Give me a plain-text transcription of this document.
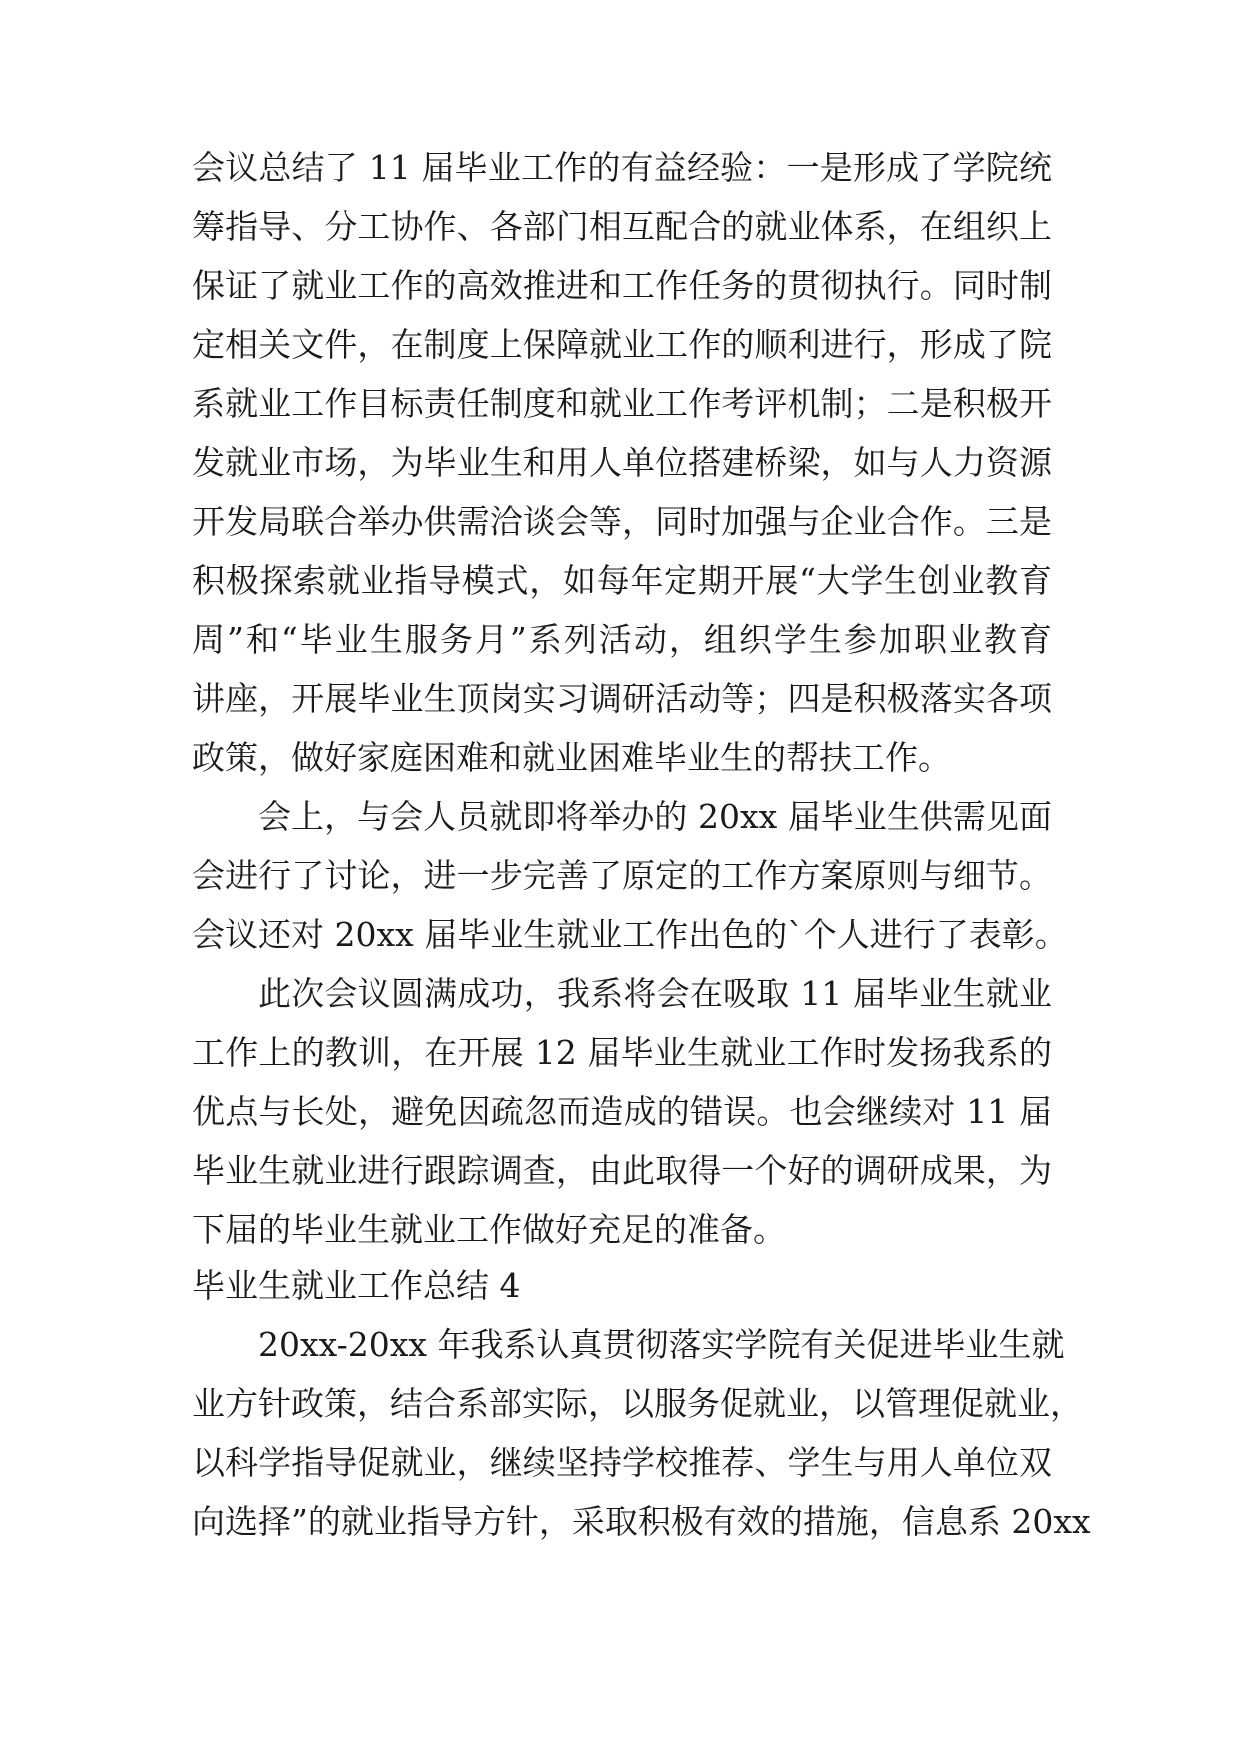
会议总结了 11 届毕业工作的有益经验：一是形成了学院统
筹指导、分工协作、各部门相互配合的就业体系，在组织上
保证了就业工作的高效推进和工作任务的贯彻执行。同时制
定相关文件，在制度上保障就业工作的顺利进行，形成了院
系就业工作目标责任制度和就业工作考评机制；二是积极开
发就业市场，为毕业生和用人单位搭建桥梁，如与人力资源
开发局联合举办供需洽谈会等，同时加强与企业合作。三是
积极探索就业指导模式，如每年定期开展“大学生创业教育
周”和“毕业生服务月”系列活动，组织学生参加职业教育
讲座，开展毕业生顶岗实习调研活动等；四是积极落实各项
政策，做好家庭困难和就业困难毕业生的帮扶工作。
会上，与会人员就即将举办的 20xx 届毕业生供需见面
会进行了讨论，进一步完善了原定的工作方案原则与细节。
会议还对 20xx 届毕业生就业工作出色的`个人进行了表彰。
此次会议圆满成功，我系将会在吸取 11 届毕业生就业
工作上的教训，在开展 12 届毕业生就业工作时发扬我系的
优点与长处，避免因疏忽而造成的错误。也会继续对 11 届
毕业生就业进行跟踪调查，由此取得一个好的调研成果，为
下届的毕业生就业工作做好充足的准备。
毕业生就业工作总结 4
20xx-20xx 年我系认真贯彻落实学院有关促进毕业生就
业方针政策，结合系部实际，以服务促就业，以管理促就业，
以科学指导促就业，继续坚持学校推荐、学生与用人单位双
向选择”的就业指导方针，采取积极有效的措施，信息系 20xx
